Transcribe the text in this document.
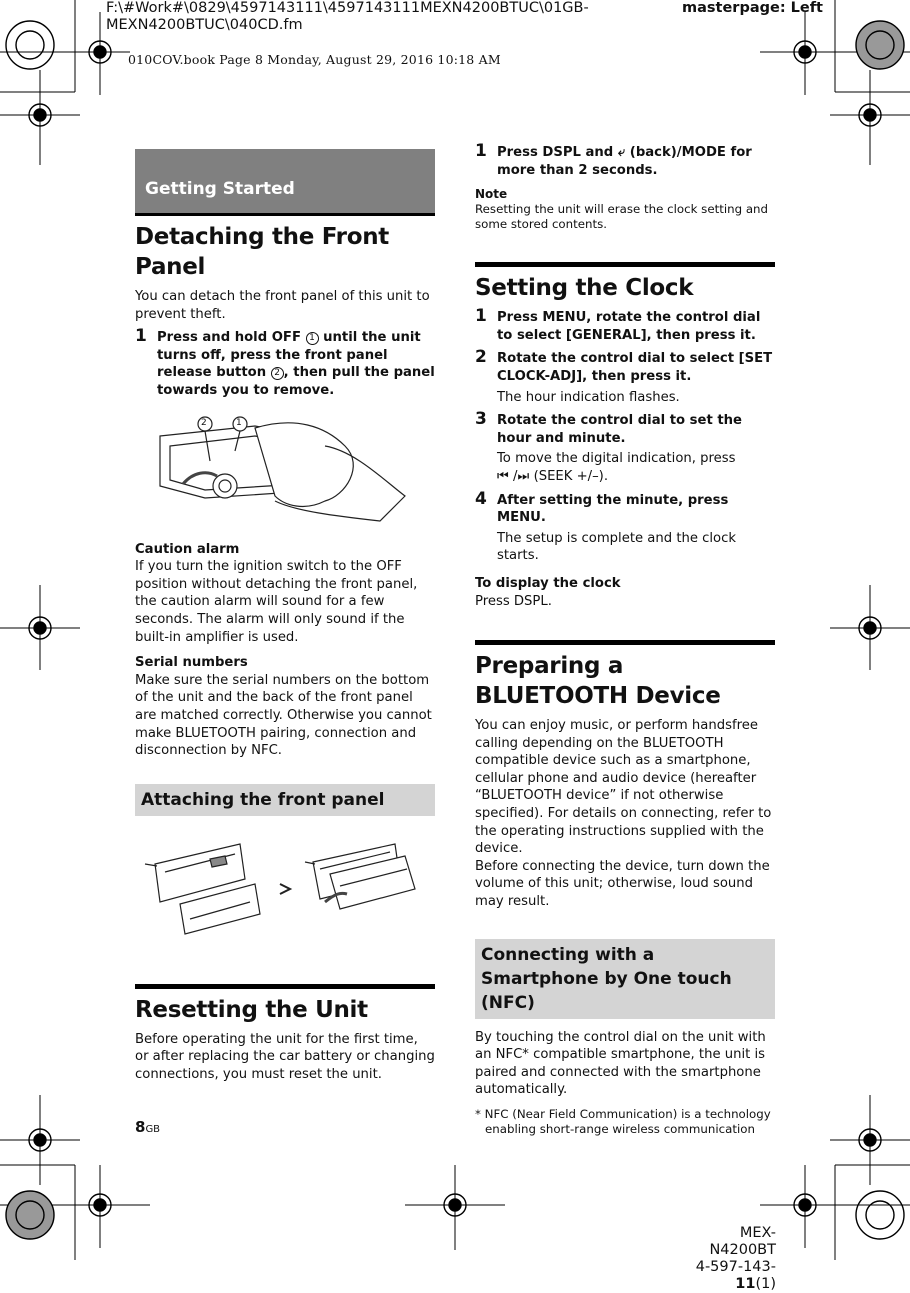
F:\#Work#\0829\4597143111\4597143111MEXN4200BTUC\01GB-
MEXN4200BTUC\040CD.fm
masterpage: Left
010COV.book Page 8 Monday, August 29, 2016 10:18 AM
Getting Started
Detaching the Front Panel

You can detach the front panel of this unit to prevent theft.

1 Press and hold OFF 1 until the unit turns off, press the front panel release button 2 , then pull the panel towards you to remove.
2	1
Caution alarm

If you turn the ignition switch to the OFF position without detaching the front panel, the caution alarm will sound for a few seconds. The alarm will only sound if the built-in amplifier is used.

Serial numbers

Make sure the serial numbers on the bottom of the unit and the back of the front panel are matched correctly. Otherwise you cannot make BLUETOOTH pairing, connection and disconnection by NFC.

Attaching the front panel
Resetting the Unit

Before operating the unit for the first time, or after replacing the car battery or changing connections, you must reset the unit.

8GB
1 Press DSPL and ⤶ (back)/MODE for more than 2 seconds.
Note

Resetting the unit will erase the clock setting and some stored contents.

Setting the Clock
1 Press MENU, rotate the control dial to select [GENERAL], then press it.
2 Rotate the control dial to select [SET CLOCK-ADJ], then press it.
The hour indication flashes.
3 Rotate the control dial to set the hour and minute.
To move the digital indication, press
⏮ /⏭ (SEEK +/–).
4 After setting the minute, press MENU.
The setup is complete and the clock starts.
To display the clock

Press DSPL.

Preparing a BLUETOOTH Device

You can enjoy music, or perform handsfree calling depending on the BLUETOOTH compatible device such as a smartphone, cellular phone and audio device (hereafter “BLUETOOTH device” if not otherwise specified). For details on connecting, refer to the operating instructions supplied with the device.

Before connecting the device, turn down the volume of this unit; otherwise, loud sound may result.

Connecting with a Smartphone by One touch (NFC)

By touching the control dial on the unit with an NFC* compatible smartphone, the unit is paired and connected with the smartphone automatically.

* NFC (Near Field Communication) is a technology enabling short-range wireless communication

MEX-N4200BT
4-597-143-11(1)
